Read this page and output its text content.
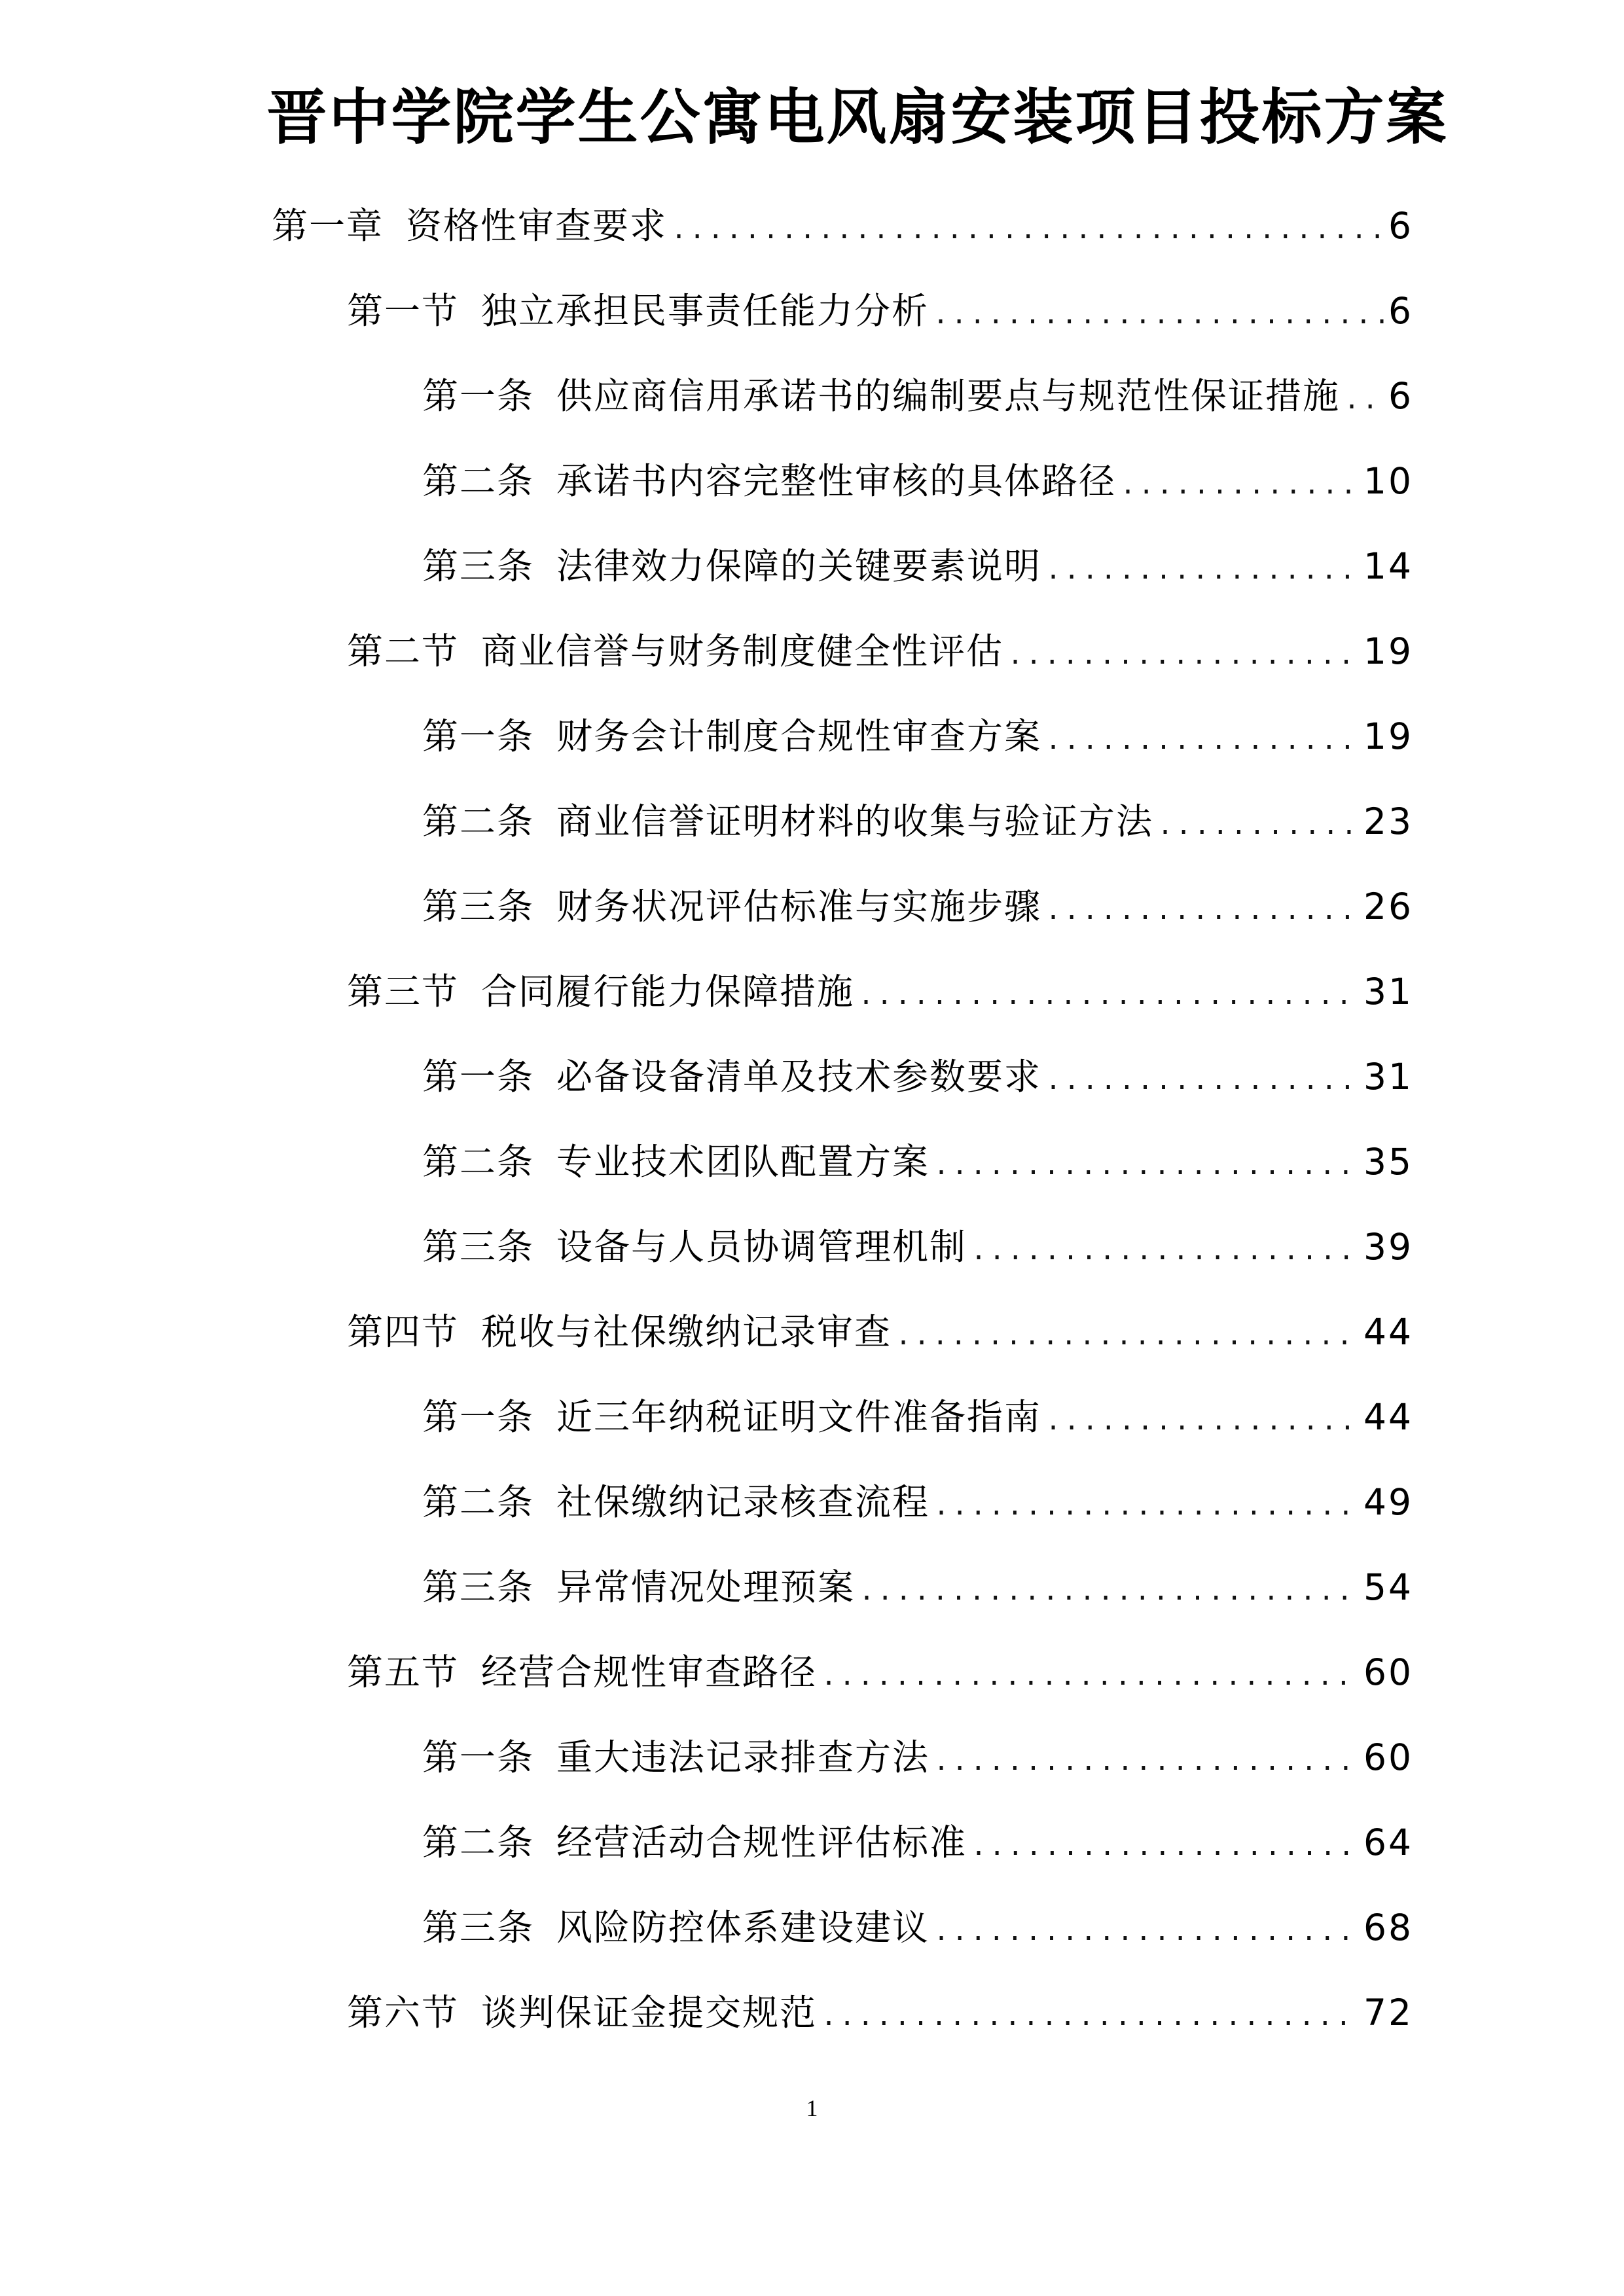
晋中学院学生公寓电风扇安装项目投标方案
第一章 资格性审查要求 .....	6
第一节 独立承担民事责任能力分析 .....	6
第一条 供应商信用承诺书的编制要点与规范性保证措施 ..... 6
第二条 承诺书内容完整性审核的具体路径 .....	10
第三条 法律效力保障的关键要素说明 .....	14
第二节 商业信誉与财务制度健全性评估 .....	19
第一条 财务会计制度合规性审查方案 .....	19
第二条 商业信誉证明材料的收集与验证方法 .....	23
第三条 财务状况评估标准与实施步骤 .....	26
第三节 合同履行能力保障措施 .....	31
第一条 必备设备清单及技术参数要求 .....	31
第二条 专业技术团队配置方案 .....	35
第三条 设备与人员协调管理机制 .....	39
第四节 税收与社保缴纳记录审查 .....	44
第一条 近三年纳税证明文件准备指南 .....	44
第二条 社保缴纳记录核查流程 .....	49
第三条 异常情况处理预案 .....	54
第五节 经营合规性审查路径 .....	60
第一条 重大违法记录排查方法 .....	60
第二条 经营活动合规性评估标准 .....	64
第三条 风险防控体系建设建议 .....	68
第六节 谈判保证金提交规范 .....	72
1
